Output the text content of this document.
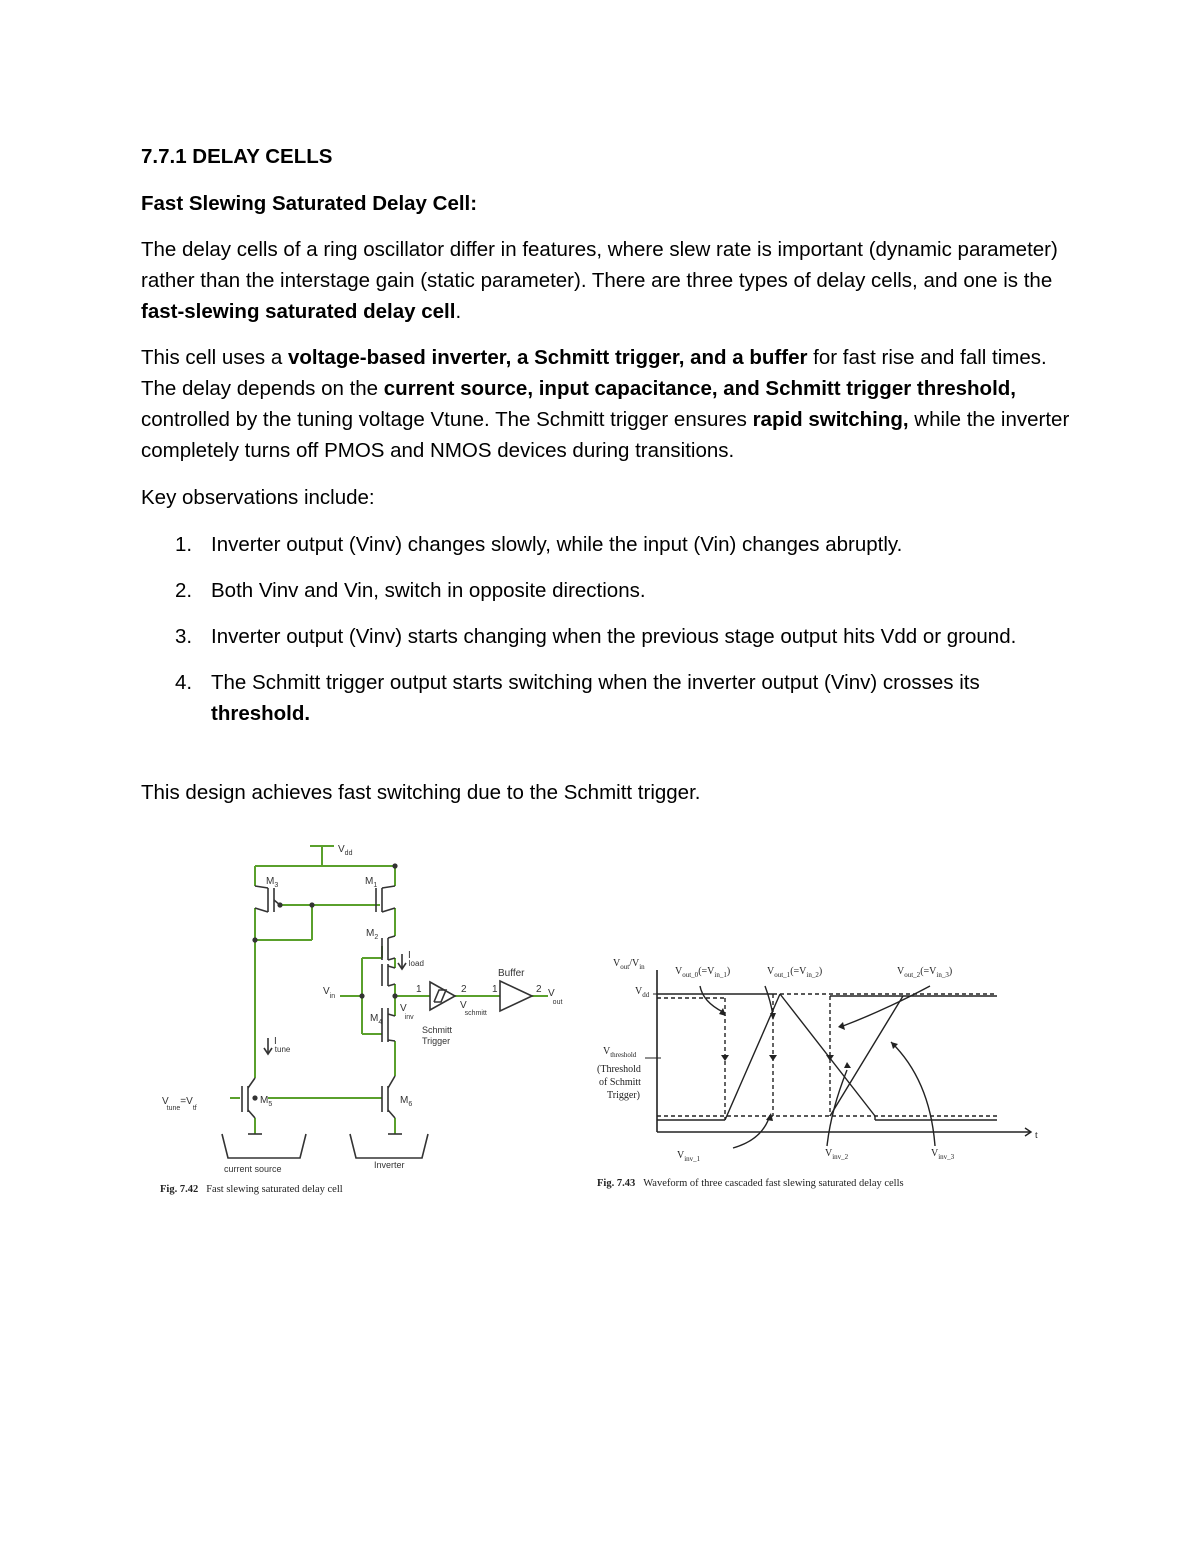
7.7.1 DELAY CELLS
Fast Slewing Saturated Delay Cell:
The delay cells of a ring oscillator differ in features, where slew rate is important (dynamic parameter) rather than the interstage gain (static parameter). There are three types of delay cells, and one is the fast-slewing saturated delay cell.
This cell uses a voltage-based inverter, a Schmitt trigger, and a buffer for fast rise and fall times. The delay depends on the current source, input capacitance, and Schmitt trigger threshold, controlled by the tuning voltage Vtune. The Schmitt trigger ensures rapid switching, while the inverter completely turns off PMOS and NMOS devices during transitions.
Key observations include:
1. Inverter output (Vinv) changes slowly, while the input (Vin) changes abruptly.
2. Both Vinv and Vin, switch in opposite directions.
3. Inverter output (Vinv) starts changing when the previous stage output hits Vdd or ground.
4. The Schmitt trigger output starts switching when the inverter output (Vinv) crosses its threshold.
This design achieves fast switching due to the Schmitt trigger.
$V_{dd}$
$M_3$	$M_1$
$M_2$
$M_4$
$M_5$	$M_6$
I load
I tune
$V_{in}$
V inv
V schmitt
V out
V $tune=V_{tf}$
Buffer
Schmitt
Trigger
1	2	1	2
current source	Inverter
Fig. 7.42 Fast slewing saturated delay cell
$V_{out}/V_{in}$
$V_{dd}$
$V_{threshold}$
(Threshold
of Schmitt
Trigger)
$V_{out\_0}(=V_{in\_1})$	$V_{out\_1}(=V_{in\_2})$	$V_{out\_2}(=V_{in\_3})$
$V_{inv\_1}$	$V_{inv\_2}$	$V_{inv\_3}$
t
Fig. 7.43 Waveform of three cascaded fast slewing saturated delay cells
